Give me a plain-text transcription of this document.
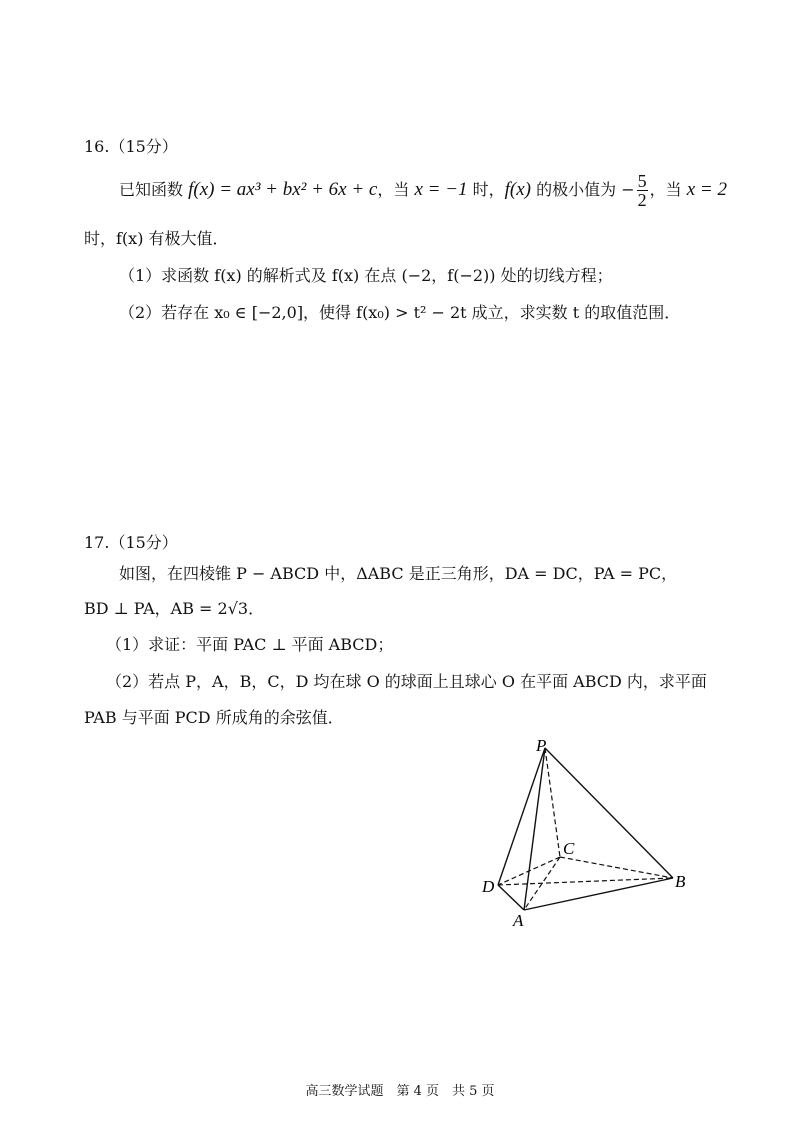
16.（15分）
已知函数 f(x) = ax³ + bx² + 6x + c，当 x = −1 时，f(x) 的极小值为 − $\frac{5}{2}$ ，当 x = 2
时，f(x) 有极大值．
（1）求函数 f(x) 的解析式及 f(x) 在点 (−2，f(−2)) 处的切线方程；
（2）若存在 x₀ ∈ [−2,0]，使得 f(x₀) > t² − 2t 成立，求实数 t 的取值范围．
17.（15分）
如图，在四棱锥 P − ABCD 中，ΔABC 是正三角形，DA = DC，PA = PC，
BD ⊥ PA，AB = 2√3．
（1）求证：平面 PAC ⊥ 平面 ABCD；
（2）若点 P，A，B，C，D 均在球 O 的球面上且球心 O 在平面 ABCD 内，求平面
PAB 与平面 PCD 所成角的余弦值．
P
C
D
A
B
高三数学试题　第 4 页　共 5 页
